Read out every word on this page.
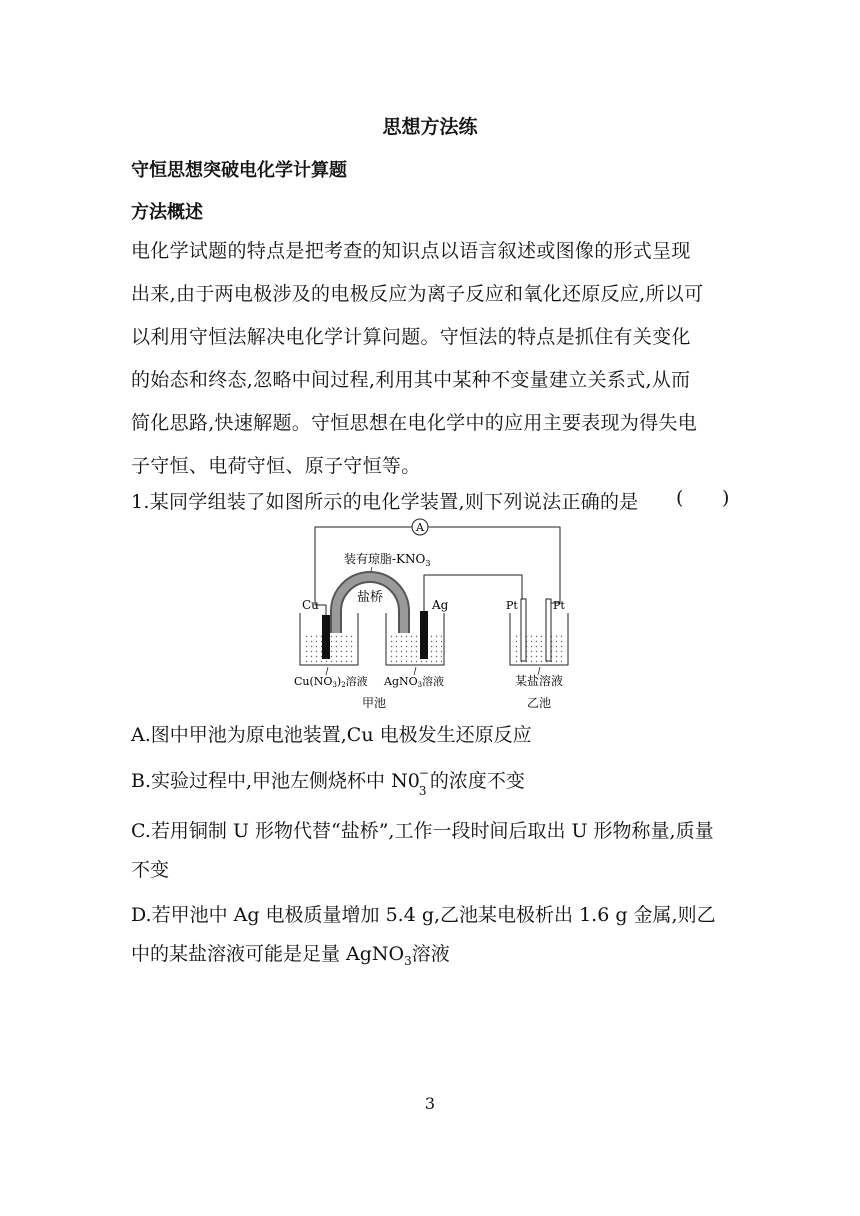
思想方法练
守恒思想突破电化学计算题
方法概述
电化学试题的特点是把考查的知识点以语言叙述或图像的形式呈现
出来,由于两电极涉及的电极反应为离子反应和氧化还原反应,所以可
以利用守恒法解决电化学计算问题。守恒法的特点是抓住有关变化
的始态和终态,忽略中间过程,利用其中某种不变量建立关系式,从而
简化思路,快速解题。守恒思想在电化学中的应用主要表现为得失电
子守恒、电荷守恒、原子守恒等。
1.某同学组装了如图所示的电化学装置,则下列说法正确的是 ( )
A
装有琼脂$-KNO_3$
盐桥
Cu	Ag	Pt	Pt
Cu(NO3)2溶液 AgNO3溶液	某盐溶液
甲池	乙池
A.图中甲池为原电池装置,Cu 电极发生还原反应
B.实验过程中,甲池左侧烧杯中 N0 −
3 的浓度不变
C.若用铜制 U 形物代替“盐桥”,工作一段时间后取出 U 形物称量,质量
不变
D.若甲池中 Ag 电极质量增加 5.4 g,乙池某电极析出 1.6 g 金属,则乙
中的某盐溶液可能是足量 AgNO$_3$溶液
3
